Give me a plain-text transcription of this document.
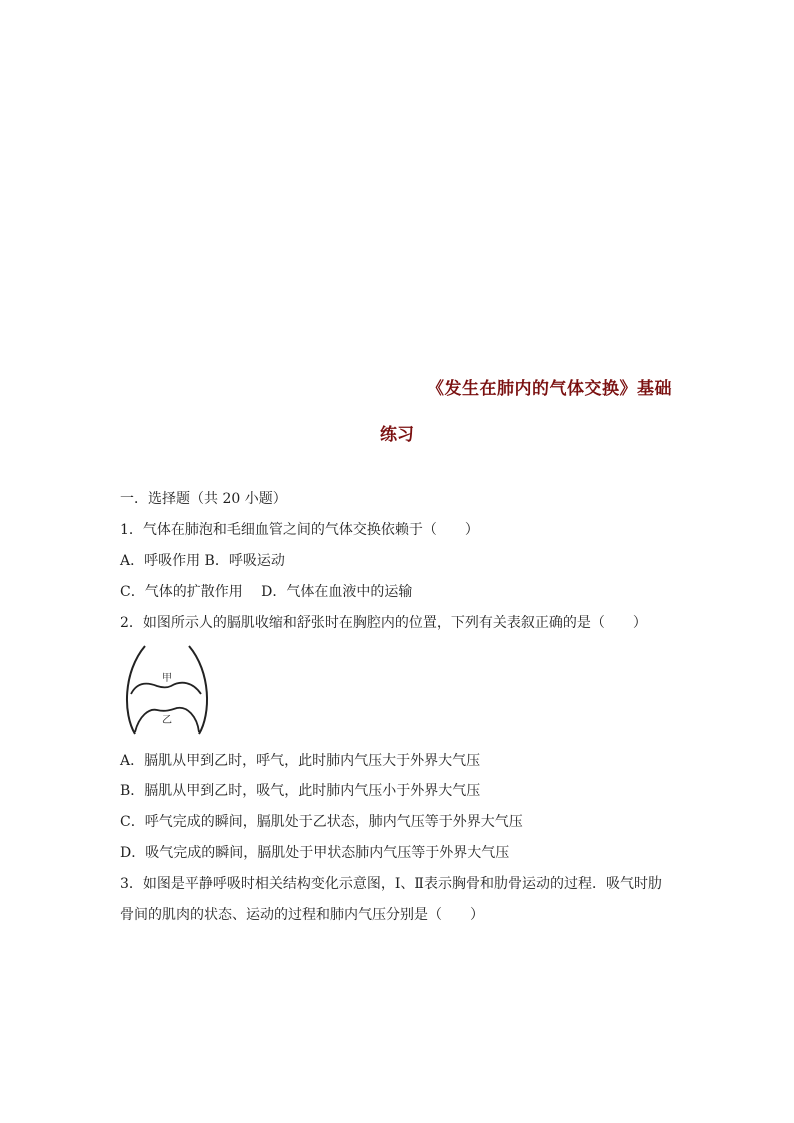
《发生在肺内的气体交换》基础
练习
一．选择题（共 20 小题）
1．气体在肺泡和毛细血管之间的气体交换依赖于（　　）
A．呼吸作用 B．呼吸运动
C．气体的扩散作用　 D．气体在血液中的运输
2．如图所示人的膈肌收缩和舒张时在胸腔内的位置，下列有关表叙正确的是（　　）
甲
乙
A．膈肌从甲到乙时，呼气，此时肺内气压大于外界大气压
B．膈肌从甲到乙时，吸气，此时肺内气压小于外界大气压
C．呼气完成的瞬间，膈肌处于乙状态，肺内气压等于外界大气压
D．吸气完成的瞬间，膈肌处于甲状态肺内气压等于外界大气压
3．如图是平静呼吸时相关结构变化示意图，Ⅰ、Ⅱ表示胸骨和肋骨运动的过程．吸气时肋
骨间的肌肉的状态、运动的过程和肺内气压分别是（　　）
